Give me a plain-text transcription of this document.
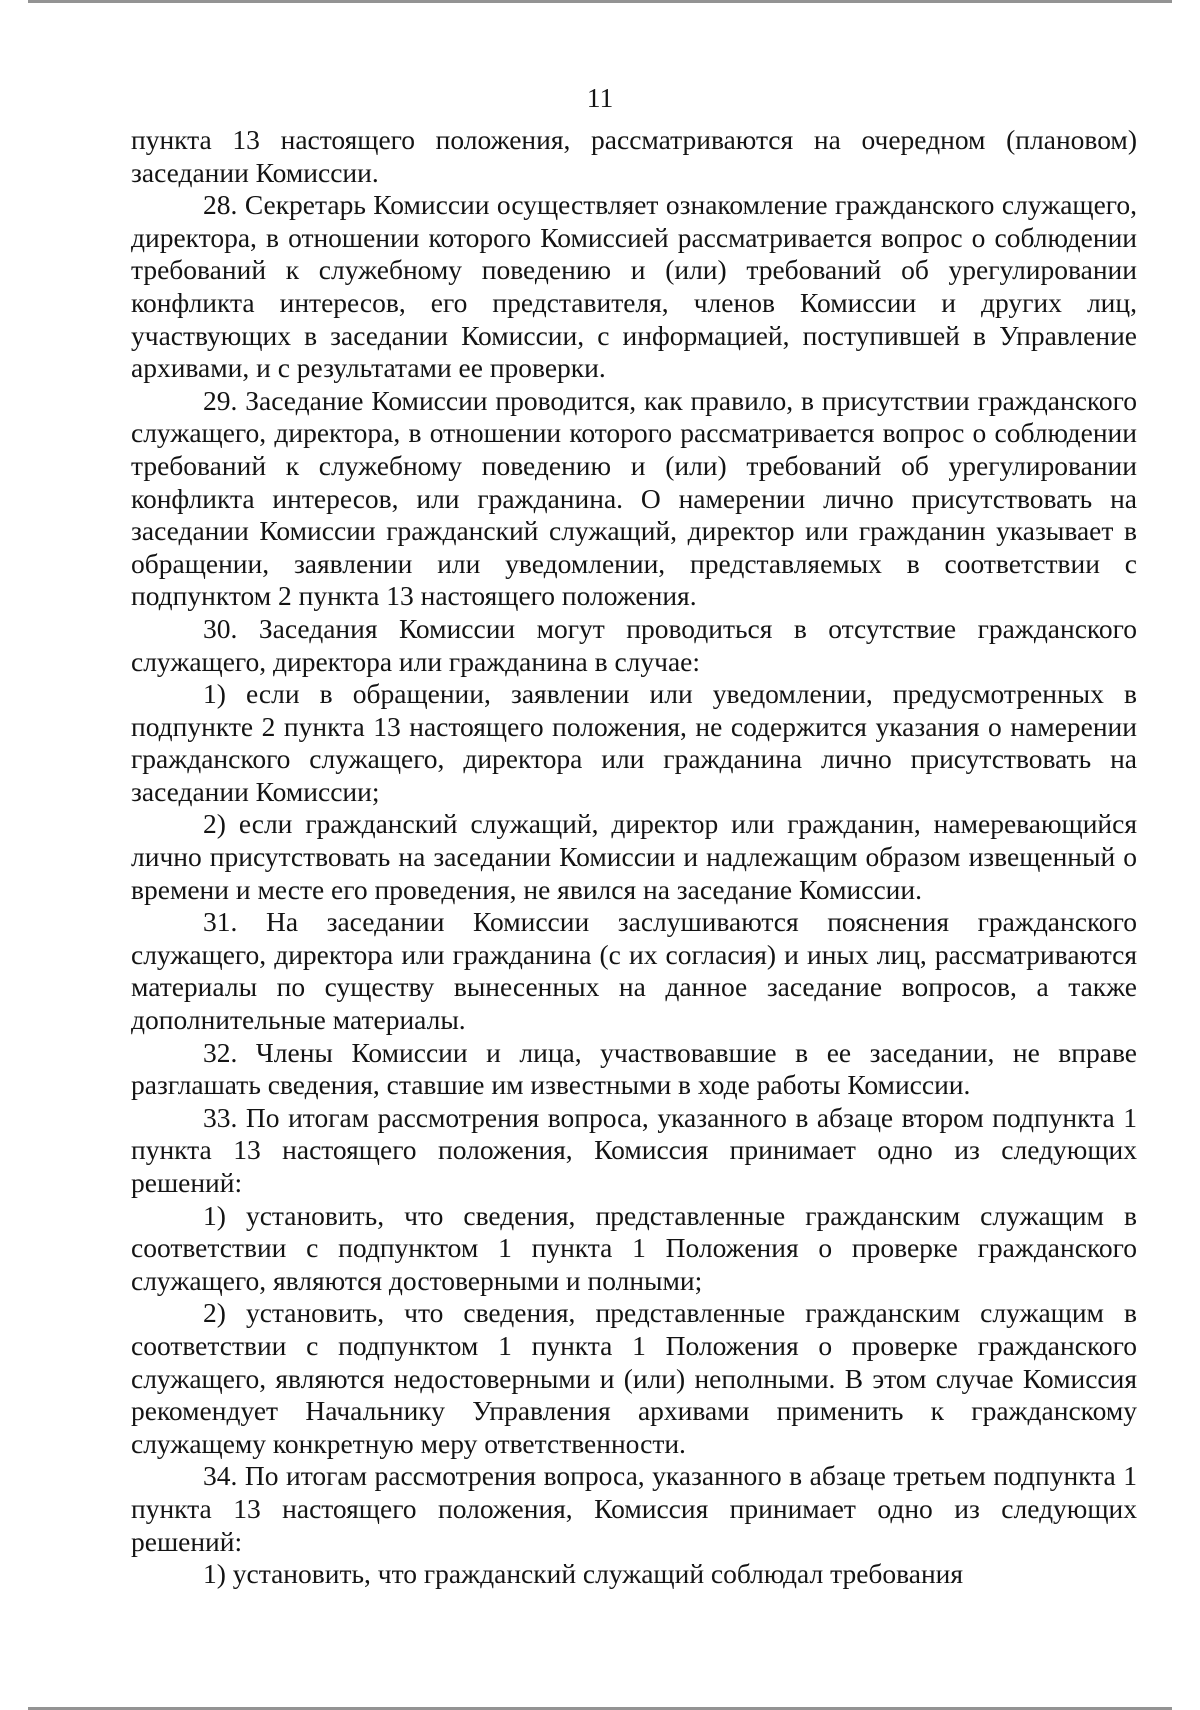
11

пункта 13 настоящего положения, рассматриваются на очередном (плановом) заседании Комиссии.

28. Секретарь Комиссии осуществляет ознакомление гражданского служащего, директора, в отношении которого Комиссией рассматривается вопрос о соблюдении требований к служебному поведению и (или) требований об урегулировании конфликта интересов, его представителя, членов Комиссии и других лиц, участвующих в заседании Комиссии, с информацией, поступившей в Управление архивами, и с результатами ее проверки.

29. Заседание Комиссии проводится, как правило, в присутствии гражданского служащего, директора, в отношении которого рассматривается вопрос о соблюдении требований к служебному поведению и (или) требований об урегулировании конфликта интересов, или гражданина. О намерении лично присутствовать на заседании Комиссии гражданский служащий, директор или гражданин указывает в обращении, заявлении или уведомлении, представляемых в соответствии с подпунктом 2 пункта 13 настоящего положения.

30. Заседания Комиссии могут проводиться в отсутствие гражданского служащего, директора или гражданина в случае:

1) если в обращении, заявлении или уведомлении, предусмотренных в подпункте 2 пункта 13 настоящего положения, не содержится указания о намерении гражданского служащего, директора или гражданина лично присутствовать на заседании Комиссии;

2) если гражданский служащий, директор или гражданин, намеревающийся лично присутствовать на заседании Комиссии и надлежащим образом извещенный о времени и месте его проведения, не явился на заседание Комиссии.

31. На заседании Комиссии заслушиваются пояснения гражданского служащего, директора или гражданина (с их согласия) и иных лиц, рассматриваются материалы по существу вынесенных на данное заседание вопросов, а также дополнительные материалы.

32. Члены Комиссии и лица, участвовавшие в ее заседании, не вправе разглашать сведения, ставшие им известными в ходе работы Комиссии.

33. По итогам рассмотрения вопроса, указанного в абзаце втором подпункта 1 пункта 13 настоящего положения, Комиссия принимает одно из следующих решений:

1) установить, что сведения, представленные гражданским служащим в соответствии с подпунктом 1 пункта 1 Положения о проверке гражданского служащего, являются достоверными и полными;

2) установить, что сведения, представленные гражданским служащим в соответствии с подпунктом 1 пункта 1 Положения о проверке гражданского служащего, являются недостоверными и (или) неполными. В этом случае Комиссия рекомендует Начальнику Управления архивами применить к гражданскому служащему конкретную меру ответственности.

34. По итогам рассмотрения вопроса, указанного в абзаце третьем подпункта 1 пункта 13 настоящего положения, Комиссия принимает одно из следующих решений:

1) установить, что гражданский служащий соблюдал требования
